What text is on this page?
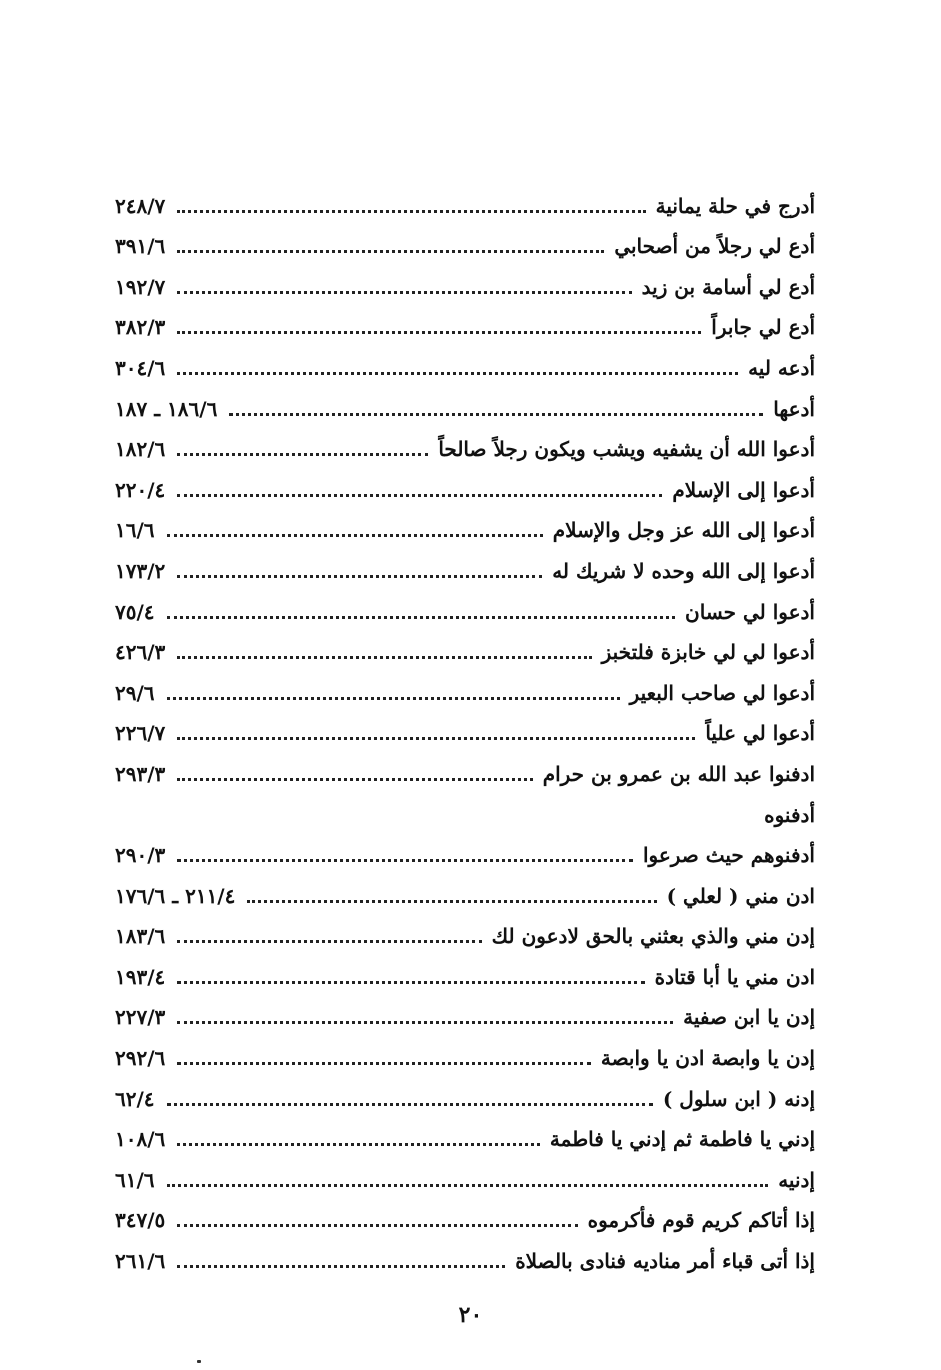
أدرج في حلة يمانية
٢٤٨/٧
أدع لي رجلاً من أصحابي
٣٩١/٦
أدع لي أسامة بن زيد
١٩٢/٧
أدع لي جابراً
٣٨٢/٣
أدعه ليه
٣٠٤/٦
أدعها
١٨٦/٦ ـ ١٨٧
أدعوا الله أن يشفيه ويشب ويكون رجلاً صالحاً
١٨٢/٦
أدعوا إلى الإسلام
٢٢٠/٤
أدعوا إلى الله عز وجل والإسلام
١٦/٦
أدعوا إلى الله وحده لا شريك له
١٧٣/٢
أدعوا لي حسان
٧٥/٤
أدعوا لي لي خابزة فلتخبز
٤٢٦/٣
أدعوا لي صاحب البعير
٢٩/٦
أدعوا لي علياً
٢٢٦/٧
ادفنوا عبد الله بن عمرو بن حرام
٢٩٣/٣
أدفنوه
أدفنوهم حيث صرعوا
٢٩٠/٣
ادن مني ( لعلي )
٢١١/٤ ـ ١٧٦/٦
إدن مني والذي بعثني بالحق لادعون لك
١٨٣/٦
ادن مني يا أبا قتادة
١٩٣/٤
إدن يا ابن صفية
٢٢٧/٣
إدن يا وابصة ادن يا وابصة
٢٩٢/٦
إدنه ( ابن سلول )
٦٢/٤
إدني يا فاطمة ثم إدني يا فاطمة
١٠٨/٦
إدنيه
٦١/٦
إذا أتاكم كريم قوم فأكرموه
٣٤٧/٥
إذا أتى قباء أمر مناديه فنادى بالصلاة
٢٦١/٦
٢٠
